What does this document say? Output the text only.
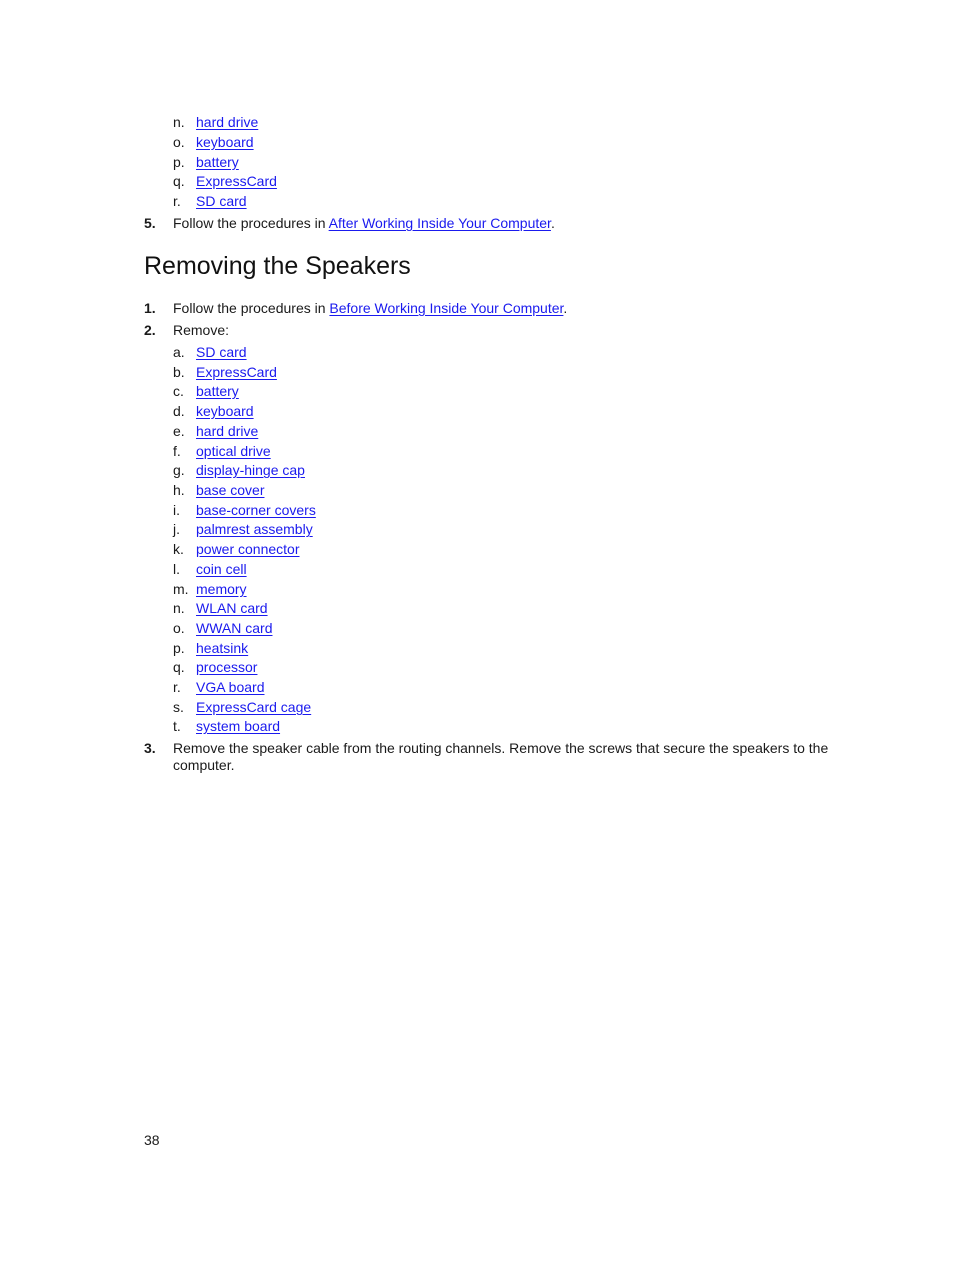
n. hard drive
o. keyboard
p. battery
q. ExpressCard
r. SD card
5. Follow the procedures in After Working Inside Your Computer.
Removing the Speakers
1. Follow the procedures in Before Working Inside Your Computer.
2. Remove:
a. SD card
b. ExpressCard
c. battery
d. keyboard
e. hard drive
f. optical drive
g. display-hinge cap
h. base cover
i. base-corner covers
j. palmrest assembly
k. power connector
l. coin cell
m. memory
n. WLAN card
o. WWAN card
p. heatsink
q. processor
r. VGA board
s. ExpressCard cage
t. system board
3. Remove the speaker cable from the routing channels. Remove the screws that secure the speakers to the computer.
38
